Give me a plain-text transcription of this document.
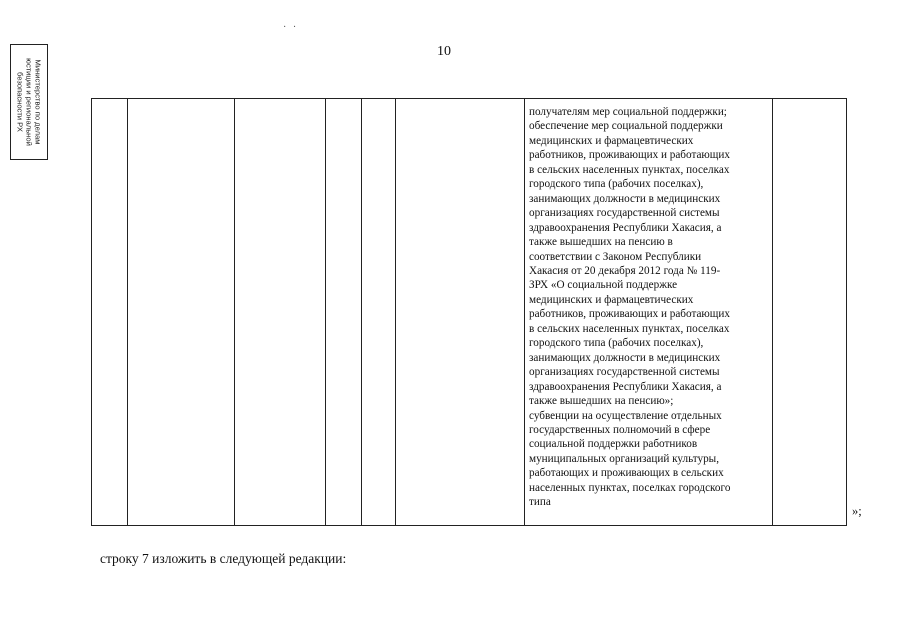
Министерство по делам
юстиции и региональной
безопасности РХ
· ·
10

получателям мер социальной поддержки;
обеспечение мер социальной поддержки
медицинских и фармацевтических
работников, проживающих и работающих
в сельских населенных пунктах, поселках
городского типа (рабочих поселках),
занимающих должности в медицинских
организациях государственной системы
здравоохранения Республики Хакасия, а
также вышедших на пенсию в
соответствии с Законом Республики
Хакасия от 20 декабря 2012 года № 119-
ЗРХ «О социальной поддержке
медицинских и фармацевтических
работников, проживающих и работающих
в сельских населенных пунктах, поселках
городского типа (рабочих поселках),
занимающих должности в медицинских
организациях государственной системы
здравоохранения Республики Хакасия, а
также вышедших на пенсию»;
субвенции на осуществление отдельных
государственных полномочий в сфере
социальной поддержки работников
муниципальных организаций культуры,
работающих и проживающих в сельских
населенных пунктах, поселках городского
типа

»;
строку 7 изложить в следующей редакции:
